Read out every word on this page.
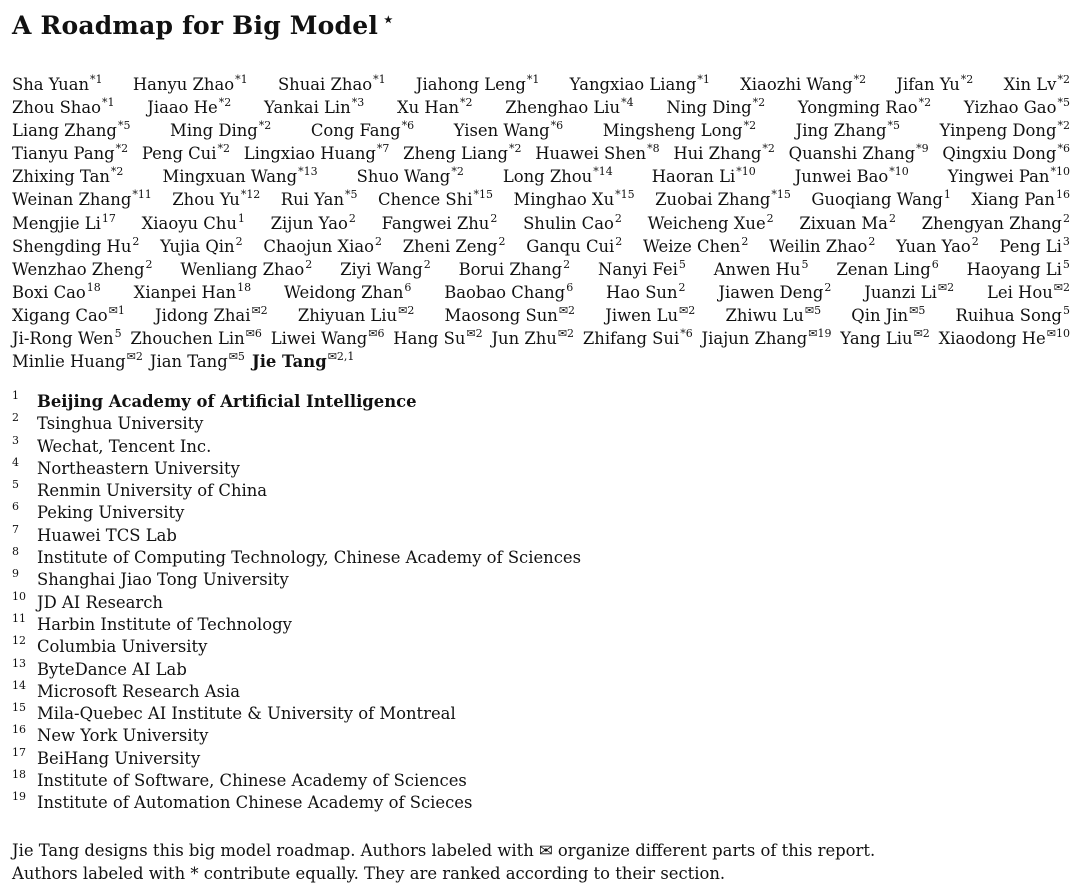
A Roadmap for Big Model ⋆
Sha Yuan$^{*1}$ Hanyu Zhao$^{*1}$ Shuai Zhao$^{*1}$ Jiahong Leng$^{*1}$ Yangxiao Liang$^{*1}$ Xiaozhi Wang$^{*2}$ Jifan Yu$^{*2}$ Xin Lv$^{*2}$
Zhou Shao$^{*1}$ Jiaao He$^{*2}$ Yankai Lin$^{*3}$ Xu Han$^{*2}$ Zhenghao Liu$^{*4}$ Ning Ding$^{*2}$ Yongming Rao$^{*2}$ Yizhao Gao$^{*5}$
Liang Zhang$^{*5}$ Ming Ding$^{*2}$ Cong Fang$^{*6}$ Yisen Wang$^{*6}$ Mingsheng Long$^{*2}$ Jing Zhang$^{*5}$ Yinpeng Dong$^{*2}$
Tianyu Pang$^{*2}$ Peng Cui$^{*2}$ Lingxiao Huang$^{*7}$ Zheng Liang$^{*2}$ Huawei Shen$^{*8}$ Hui Zhang$^{*2}$ Quanshi Zhang$^{*9}$ Qingxiu Dong$^{*6}$
Zhixing Tan$^{*2}$ Mingxuan Wang$^{*13}$ Shuo Wang$^{*2}$ Long Zhou$^{*14}$ Haoran Li$^{*10}$ Junwei Bao$^{*10}$ Yingwei Pan$^{*10}$
Weinan Zhang$^{*11}$ Zhou Yu$^{*12}$ Rui Yan$^{*5}$ Chence Shi$^{*15}$ Minghao Xu$^{*15}$ Zuobai Zhang$^{*15}$ Guoqiang Wang$^1$ Xiang Pan$^{16}$
Mengjie Li$^{17}$ Xiaoyu Chu$^1$ Zijun Yao$^2$ Fangwei Zhu$^2$ Shulin Cao$^2$ Weicheng Xue$^2$ Zixuan Ma$^2$ Zhengyan Zhang$^2$
Shengding Hu$^2$ Yujia Qin$^2$ Chaojun Xiao$^2$ Zheni Zeng$^2$ Ganqu Cui$^2$ Weize Chen$^2$ Weilin Zhao$^2$ Yuan Yao$^2$ Peng Li$^3$
Wenzhao Zheng$^2$ Wenliang Zhao$^2$ Ziyi Wang$^2$ Borui Zhang$^2$ Nanyi Fei$^5$ Anwen Hu$^5$ Zenan Ling$^6$ Haoyang Li$^5$
Boxi Cao$^{18}$ Xianpei Han$^{18}$ Weidong Zhan$^6$ Baobao Chang$^6$ Hao Sun$^2$ Jiawen Deng$^2$ Juanzi $Li^{✉2}$ Lei Hou$^{✉2}$
Xigang Cao$^{✉1}$ Jidong Zhai$^{✉2}$ Zhiyuan Liu$^{✉2}$ Maosong Sun$^{✉2}$ Jiwen $Lu^{✉2}$ Zhiwu $Lu^{✉5}$ Qin Jin$^{✉5}$ Ruihua Song$^5$
Ji-Rong Wen$^5$ Zhouchen Lin$^{✉6}$ Liwei Wang$^{✉6}$ Hang $Su^{✉2}$ Jun Zhu$^{✉2}$ Zhifang Sui$^{*6}$ Jiajun Zhang$^{✉19}$ Yang Liu$^{✉2}$ Xiaodong $He^{✉10}$
Minlie Huang$^{✉2}$ Jian Tang$^{✉5}$ Jie Tang$^{✉2,1}$
1 Beijing Academy of Artificial Intelligence
2 Tsinghua University
3 Wechat, Tencent Inc.
4 Northeastern University
5 Renmin University of China
6 Peking University
7 Huawei TCS Lab
8 Institute of Computing Technology, Chinese Academy of Sciences
9 Shanghai Jiao Tong University
10 JD AI Research
11 Harbin Institute of Technology
12 Columbia University
13 ByteDance AI Lab
14 Microsoft Research Asia
15 Mila-Quebec AI Institute & University of Montreal
16 New York University
17 BeiHang University
18 Institute of Software, Chinese Academy of Sciences
19 Institute of Automation Chinese Academy of Scieces

Jie Tang designs this big model roadmap. Authors labeled with ✉ organize different parts of this report.

Authors labeled with * contribute equally. They are ranked according to their section.
